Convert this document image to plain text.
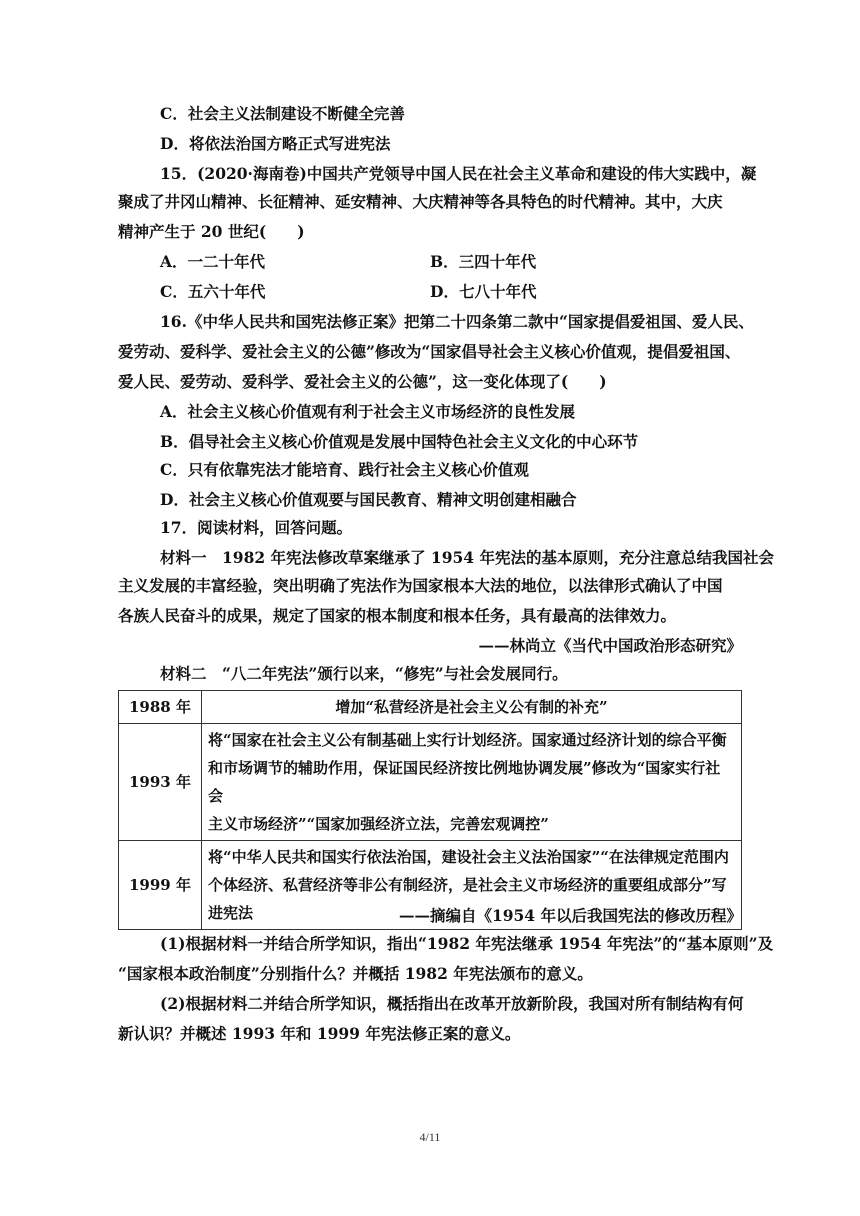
C．社会主义法制建设不断健全完善
D．将依法治国方略正式写进宪法
15．(2020·海南卷)中国共产党领导中国人民在社会主义革命和建设的伟大实践中，凝
聚成了井冈山精神、长征精神、延安精神、大庆精神等各具特色的时代精神。其中，大庆
精神产生于 20 世纪(　　)
A．一二十年代	B．三四十年代
C．五六十年代	D．七八十年代
16.《中华人民共和国宪法修正案》把第二十四条第二款中“国家提倡爱祖国、爱人民、
爱劳动、爱科学、爱社会主义的公德”修改为“国家倡导社会主义核心价值观，提倡爱祖国、
爱人民、爱劳动、爱科学、爱社会主义的公德”，这一变化体现了(　　)
A．社会主义核心价值观有利于社会主义市场经济的良性发展
B．倡导社会主义核心价值观是发展中国特色社会主义文化的中心环节
C．只有依靠宪法才能培育、践行社会主义核心价值观
D．社会主义核心价值观要与国民教育、精神文明创建相融合
17．阅读材料，回答问题。
材料一　1982 年宪法修改草案继承了 1954 年宪法的基本原则，充分注意总结我国社会
主义发展的丰富经验，突出明确了宪法作为国家根本大法的地位，以法律形式确认了中国
各族人民奋斗的成果，规定了国家的根本制度和根本任务，具有最高的法律效力。
——林尚立《当代中国政治形态研究》
材料二　“八二年宪法”颁行以来，“修宪”与社会发展同行。
1988 年	增加“私营经济是社会主义公有制的补充”
1993 年	将“国家在社会主义公有制基础上实行计划经济。国家通过经济计划的综合平衡
和市场调节的辅助作用，保证国民经济按比例地协调发展”修改为“国家实行社会
主义市场经济”“国家加强经济立法，完善宏观调控”

1999 年	将“中华人民共和国实行依法治国，建设社会主义法治国家”“在法律规定范围内
个体经济、私营经济等非公有制经济，是社会主义市场经济的重要组成部分”写
进宪法	——摘编自《1954 年以后我国宪法的修改历程》
(1)根据材料一并结合所学知识，指出“1982 年宪法继承 1954 年宪法”的“基本原则”及
“国家根本政治制度”分别指什么？并概括 1982 年宪法颁布的意义。
(2)根据材料二并结合所学知识，概括指出在改革开放新阶段，我国对所有制结构有何
新认识？并概述 1993 年和 1999 年宪法修正案的意义。
4/11
